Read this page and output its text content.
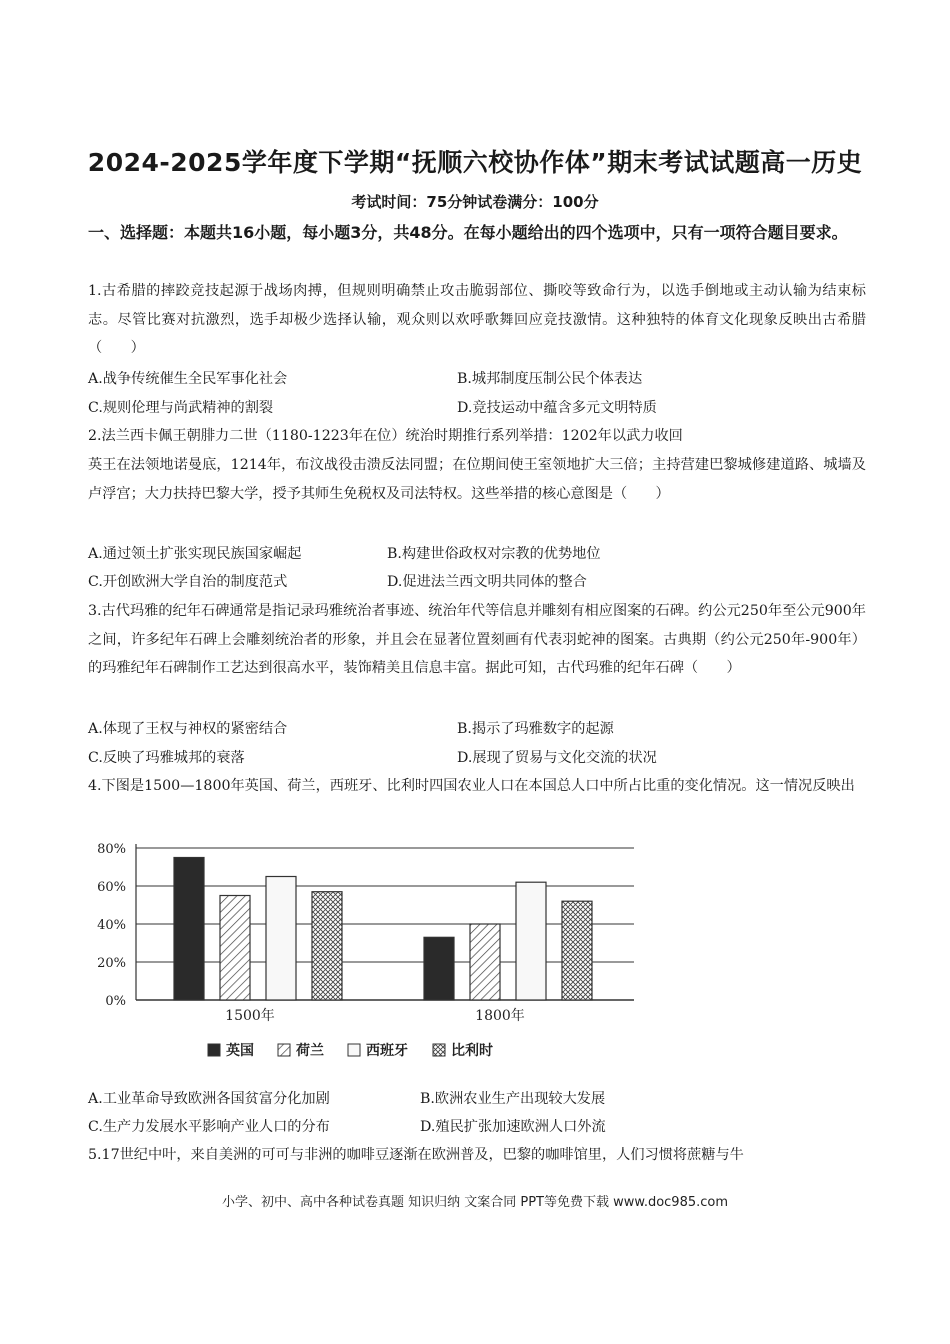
2024-2025学年度下学期“抚顺六校协作体”期末考试试题高一历史
考试时间：75分钟试卷满分：100分
一、选择题：本题共16小题，每小题3分，共48分。在每小题给出的四个选项中，只有一项符合题目要求。
1.古希腊的摔跤竞技起源于战场肉搏，但规则明确禁止攻击脆弱部位、撕咬等致命行为，以选手倒地或主动认输为结束标志。尽管比赛对抗激烈，选手却极少选择认输，观众则以欢呼歌舞回应竞技激情。这种独特的体育文化现象反映出古希腊（　　）
A.战争传统催生全民军事化社会	B.城邦制度压制公民个体表达
C.规则伦理与尚武精神的割裂	D.竞技运动中蕴含多元文明特质
2.法兰西卡佩王朝腓力二世（1180-1223年在位）统治时期推行系列举措：1202年以武力收回
英王在法领地诺曼底，1214年，布汶战役击溃反法同盟；在位期间使王室领地扩大三倍；主持营建巴黎城修建道路、城墙及卢浮宫；大力扶持巴黎大学，授予其师生免税权及司法特权。这些举措的核心意图是（　　）
A.通过领土扩张实现民族国家崛起	B.构建世俗政权对宗教的优势地位
C.开创欧洲大学自治的制度范式	D.促进法兰西文明共同体的整合
3.古代玛雅的纪年石碑通常是指记录玛雅统治者事迹、统治年代等信息并雕刻有相应图案的石碑。约公元250年至公元900年之间，许多纪年石碑上会雕刻统治者的形象，并且会在显著位置刻画有代表羽蛇神的图案。古典期（约公元250年-900年）的玛雅纪年石碑制作工艺达到很高水平，装饰精美且信息丰富。据此可知，古代玛雅的纪年石碑（　　）
A.体现了王权与神权的紧密结合	B.揭示了玛雅数字的起源
C.反映了玛雅城邦的衰落	D.展现了贸易与文化交流的状况
4.下图是1500—1800年英国、荷兰，西班牙、比利时四国农业人口在本国总人口中所占比重的变化情况。这一情况反映出
0%
20%
40%
60%
80%
1500年	1800年
英国	荷兰	西班牙	比利时
A.工业革命导致欧洲各国贫富分化加剧	B.欧洲农业生产出现较大发展
C.生产力发展水平影响产业人口的分布	D.殖民扩张加速欧洲人口外流
5.17世纪中叶，来自美洲的可可与非洲的咖啡豆逐渐在欧洲普及，巴黎的咖啡馆里，人们习惯将蔗糖与牛
小学、初中、高中各种试卷真题 知识归纳 文案合同 PPT等免费下载 www.doc985.com
